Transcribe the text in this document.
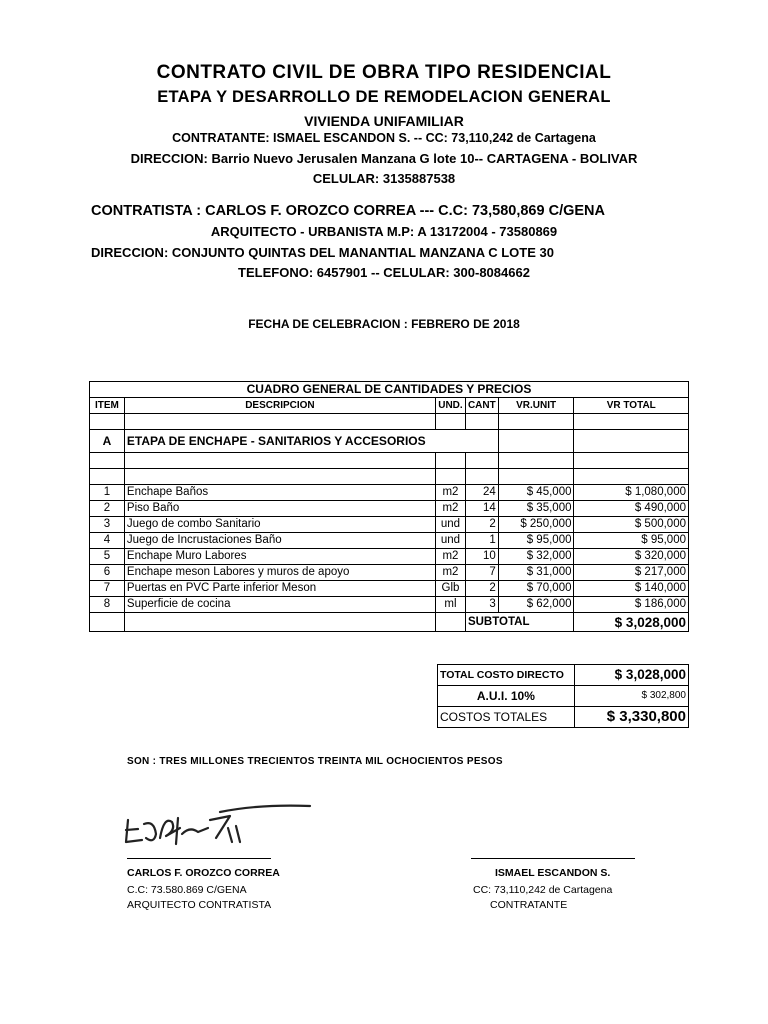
CONTRATO CIVIL DE OBRA TIPO RESIDENCIAL
ETAPA Y DESARROLLO DE REMODELACION GENERAL
VIVIENDA UNIFAMILIAR
CONTRATANTE: ISMAEL ESCANDON S. -- CC: 73,110,242 de Cartagena
DIRECCION: Barrio Nuevo Jerusalen Manzana G lote 10-- CARTAGENA - BOLIVAR
CELULAR: 3135887538
CONTRATISTA : CARLOS F. OROZCO CORREA --- C.C: 73,580,869 C/GENA
ARQUITECTO - URBANISTA M.P: A 13172004 - 73580869
DIRECCION: CONJUNTO QUINTAS DEL MANANTIAL MANZANA C LOTE 30
TELEFONO: 6457901 -- CELULAR: 300-8084662
FECHA DE CELEBRACION : FEBRERO DE 2018
CUADRO GENERAL DE CANTIDADES Y PRECIOS					
ITEM	DESCRIPCION	UND.	CANT	VR.UNIT	VR TOTAL

A	ETAPA DE ENCHAPE - SANITARIOS Y ACCESORIOS				

1	Enchape Baños	m2	24	$ 45,000	$ 1,080,000
2	Piso Baño	m2	14	$ 35,000	$ 490,000
3	Juego de combo Sanitario	und	2	$ 250,000	$ 500,000
4	Juego de Incrustaciones Baño	und	1	$ 95,000	$ 95,000
5	Enchape Muro Labores	m2	10	$ 32,000	$ 320,000
6	Enchape meson Labores y muros de apoyo	m2	7	$ 31,000	$ 217,000
7	Puertas en PVC Parte inferior Meson	Glb	2	$ 70,000	$ 140,000
8	Superficie de cocina	ml	3	$ 62,000	$ 186,000
			SUBTOTAL		$ 3,028,000
TOTAL COSTO DIRECTO	$ 3,028,000
A.U.I. 10%	$ 302,800
COSTOS TOTALES	$ 3,330,800
SON : TRES MILLONES TRECIENTOS TREINTA MIL OCHOCIENTOS PESOS
CARLOS F. OROZCO CORREA
C.C: 73.580.869 C/GENA
ARQUITECTO CONTRATISTA
ISMAEL ESCANDON S.
CC: 73,110,242 de Cartagena
CONTRATANTE
